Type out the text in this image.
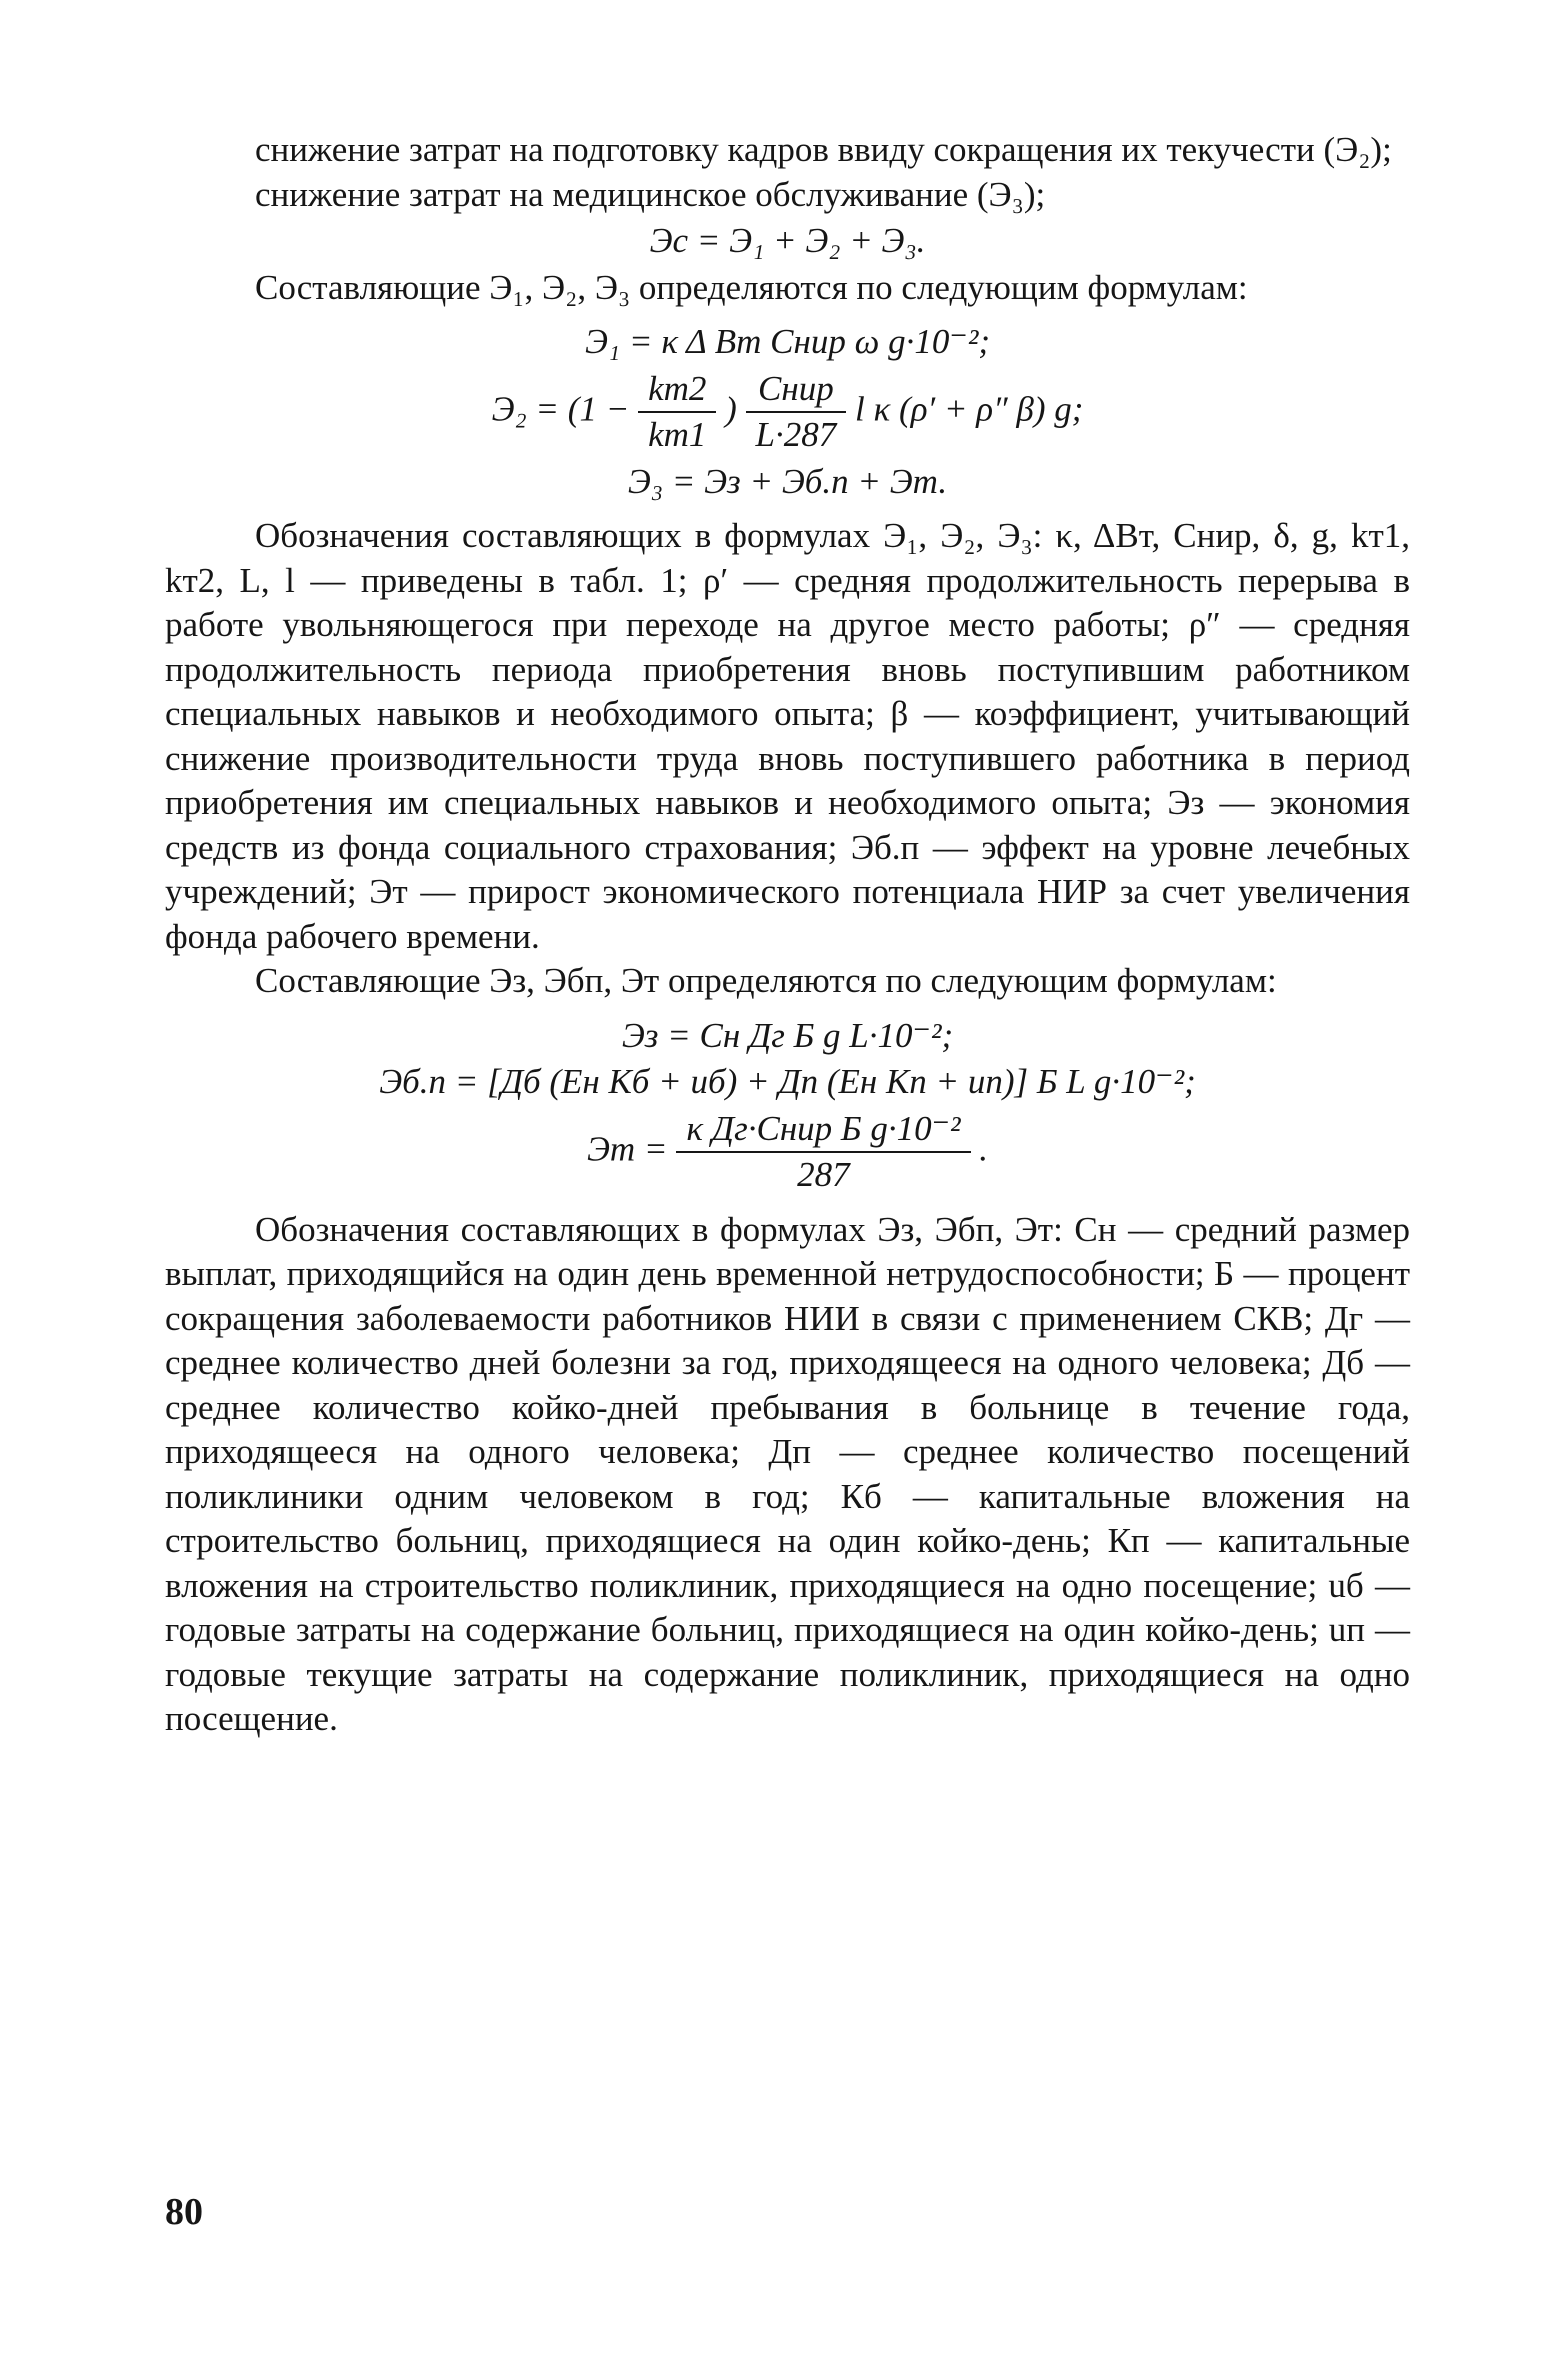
снижение затрат на подготовку кадров ввиду сокращения их текучести (Э₂);

снижение затрат на медицинское обслуживание (Э₃);

Эс = Э₁ + Э₂ + Э₃.

Составляющие Э₁, Э₂, Э₃ определяются по следующим формулам:

Э₁ = κ Δ Bт Cнир ω g·10⁻²;
$Э_2 = (1 - \frac{kт2}{kт1}$ ) $\frac{\text{Cнир}}{L\cdot 287}$ l κ (ρ′ + ρ″ β) g;
Э₃ = Эз + Эб.п + Эт.

Обозначения составляющих в формулах Э₁, Э₂, Э₃: κ, ΔBт, Cнир, δ, g, kт1, kт2, L, l — приведены в табл. 1; ρ′ — средняя продолжительность перерыва в работе увольняющегося при переходе на другое место работы; ρ″ — средняя продолжительность периода приобретения вновь поступившим работником специальных навыков и необходимого опыта; β — коэффициент, учитывающий снижение производительности труда вновь поступившего работника в период приобретения им специальных навыков и необходимого опыта; Эз — экономия средств из фонда социального страхования; Эб.п — эффект на уровне лечебных учреждений; Эт — прирост экономического потенциала НИР за счет увеличения фонда рабочего времени.

Составляющие Эз, Эбп, Эт определяются по следующим формулам:

Эз = Cн Дг Б g L·10⁻²;
Эб.п = [Дб (Eн Кб + uб) + Дп (Eн Кп + uп)] Б L g·10⁻²;
Эт = $\frac{\text{κ Дг·Cнир Б g·10⁻²}}{287}$ .

Обозначения составляющих в формулах Эз, Эбп, Эт: Cн — средний размер выплат, приходящийся на один день временной нетрудоспособности; Б — процент сокращения заболеваемости работников НИИ в связи с применением СКВ; Дг — среднее количество дней болезни за год, приходящееся на одного человека; Дб — среднее количество койко-дней пребывания в больнице в течение года, приходящееся на одного человека; Дп — среднее количество посещений поликлиники одним человеком в год; Кб — капитальные вложения на строительство больниц, приходящиеся на один койко-день; Кп — капитальные вложения на строительство поликлиник, приходящиеся на одно посещение; uб — годовые затраты на содержание больниц, приходящиеся на один койко-день; uп — годовые текущие затраты на содержание поликлиник, приходящиеся на одно посещение.

80
